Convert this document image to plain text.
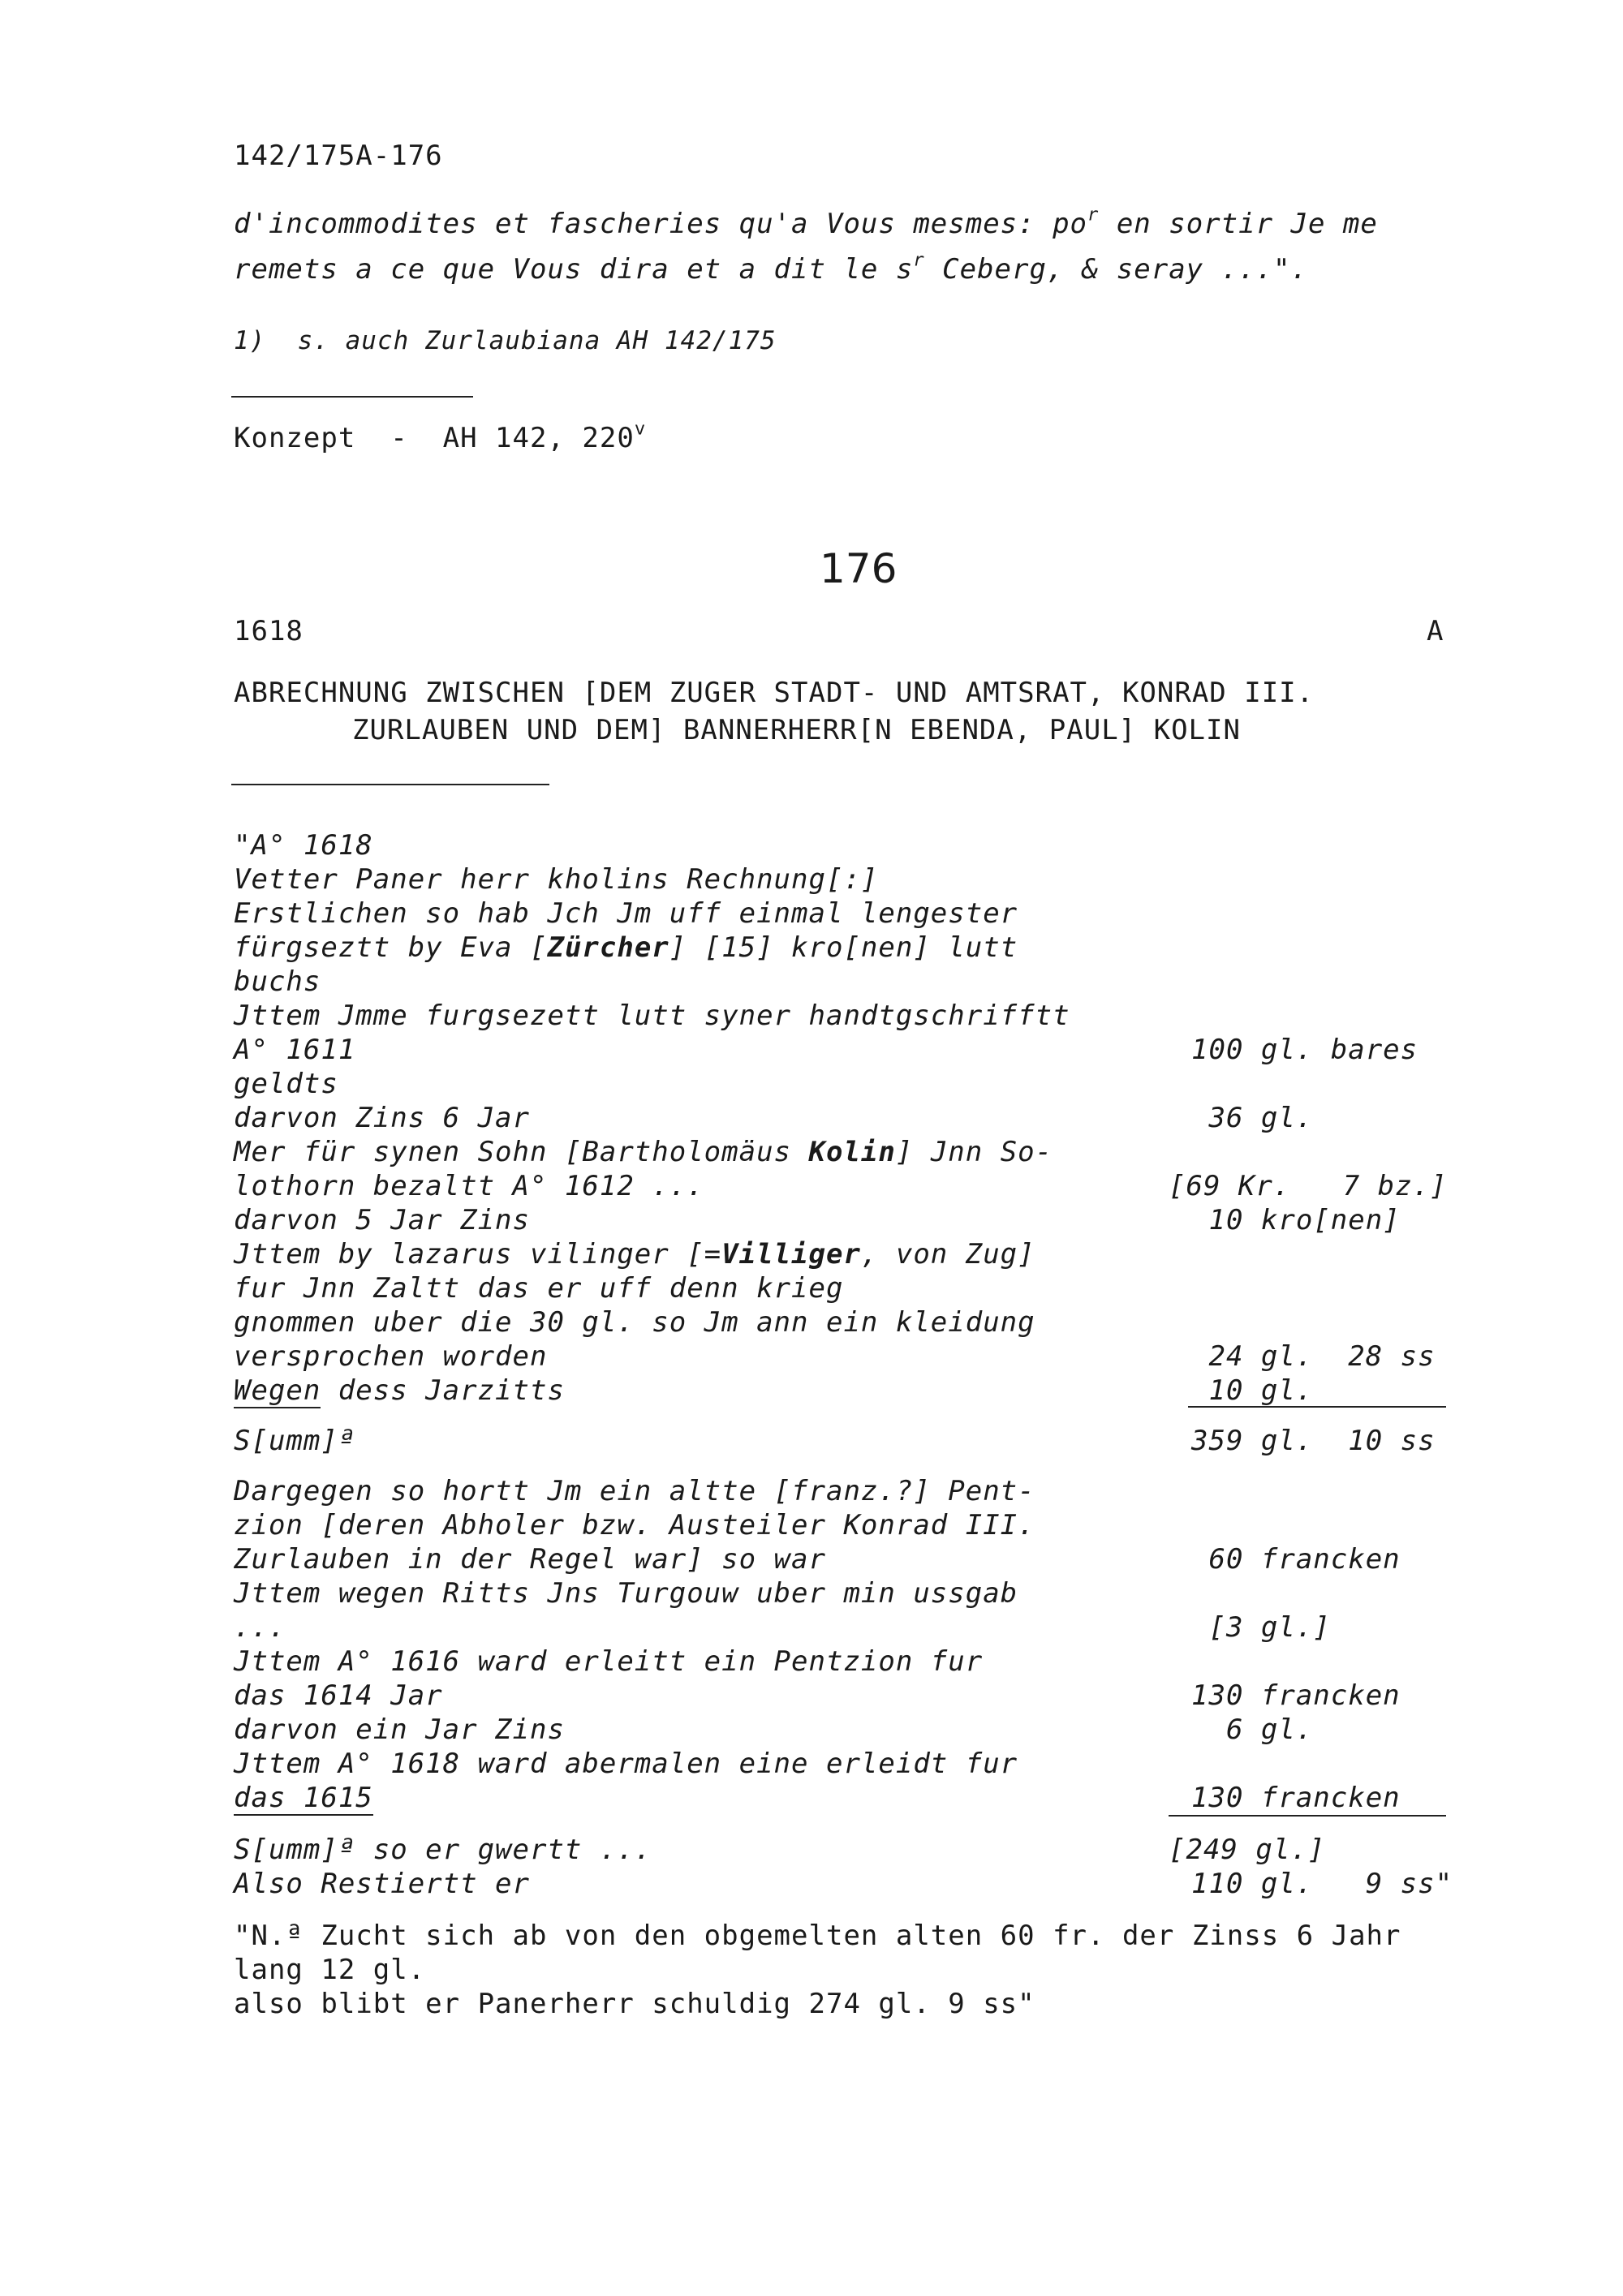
142/175A-176
d'incommodites et fascheries qu'a Vous mesmes: $po^r$ en sortir Je me
remets a ce que Vous dira et a dit le $s^r$ Ceberg, & seray ...".
1)  s. auch Zurlaubiana AH 142/175
Konzept  -  AH 142, 220$^v$
176
1618	A
ABRECHNUNG ZWISCHEN [DEM ZUGER STADT- UND AMTSRAT, KONRAD III.
ZURLAUBEN UND DEM] BANNERHERR[N EBENDA, PAUL] KOLIN
"A° 1618
Vetter Paner herr kholins Rechnung[:]
Erstlichen so hab Jch Jm uff einmal lengester
fürgseztt by Eva [Zürcher] [15] kro[nen] lutt
buchs
Jttem Jmme furgsezett lutt syner handtgschrifftt
A° 1611	100 gl. bares
geldts
darvon Zins 6 Jar	36 gl.
Mer für synen Sohn [Bartholomäus Kolin] Jnn So-
lothorn bezaltt A° 1612 ...	[69 Kr.   7 bz.]
darvon 5 Jar Zins	10 kro[nen]
Jttem by lazarus vilinger [=Villiger, von Zug]
fur Jnn Zaltt das er uff denn krieg
gnommen uber die 30 gl. so Jm ann ein kleidung
versprochen worden	24 gl.  28 ss
Wegen dess Jarzitts	10 gl.
S[umm]ª	359 gl.  10 ss
Dargegen so hortt Jm ein altte [franz.?] Pent-
zion [deren Abholer bzw. Austeiler Konrad III.
Zurlauben in der Regel war] so war	60 francken
Jttem wegen Ritts Jns Turgouw uber min ussgab
...	[3 gl.]
Jttem A° 1616 ward erleitt ein Pentzion fur
das 1614 Jar	130 francken
darvon ein Jar Zins	6 gl.
Jttem A° 1618 ward abermalen eine erleidt fur
das 1615	130 francken
S[umm]ª so er gwertt ...	[249 gl.]
Also Restiertt er	110 gl.   9 ss"
"N.ª Zucht sich ab von den obgemelten alten 60 fr. der Zinss 6 Jahr
lang 12 gl.
also blibt er Panerherr schuldig 274 gl. 9 ss"
